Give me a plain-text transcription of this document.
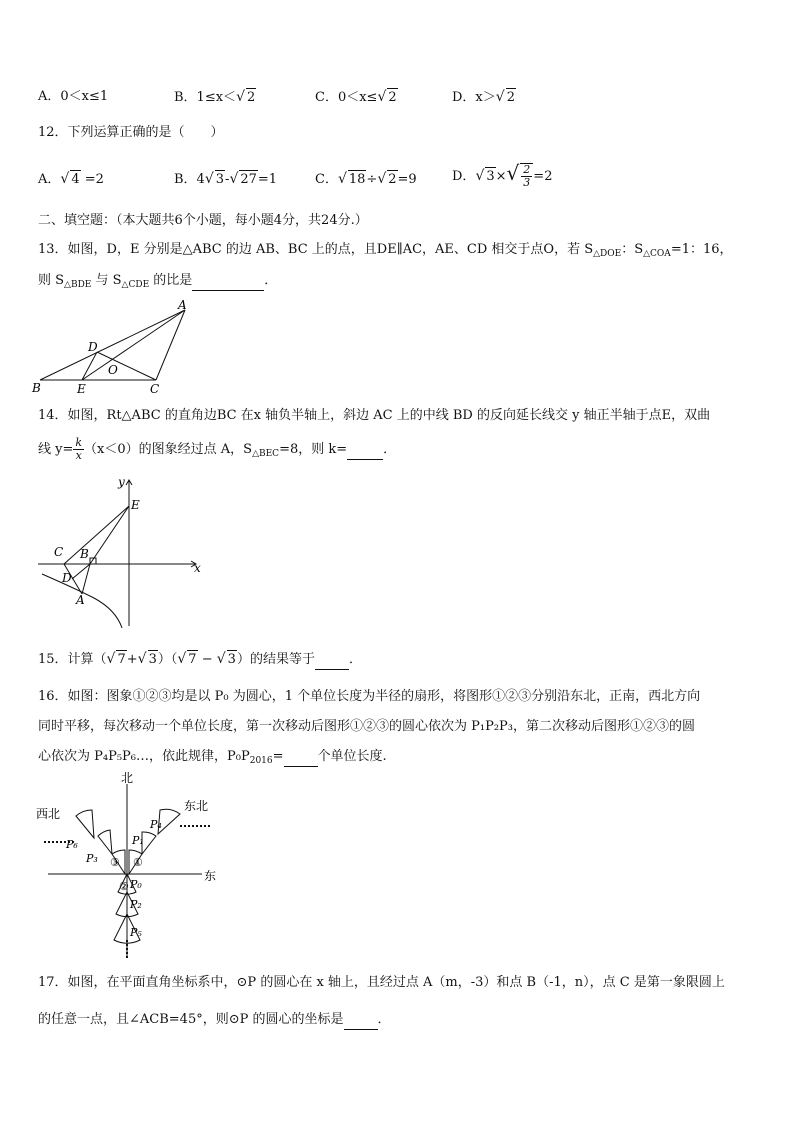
A．0＜x≤1	B．1≤x＜√ 2	C．0＜x≤√ 2	D．x＞√ 2
12．下列运算正确的是（　　）
A．√ 4 =2	B．4√ 3-√ 27=1	C．√ 18÷√ 2=9	D．√ $3\times√ \frac{2}{3} =2$
二、填空题：（本大题共6个小题，每小题4分，共24分.）
13．如图，D，E 分别是△ABC 的边 AB、BC 上的点，且DE∥AC，AE、CD 相交于点O，若 $S_{\triangle DOE}$：$S_{\triangle COA}=1$：16，
则 $S_{\triangle BDE}$ 与 $S_{\triangle CDE}$ 的比是	．
A
B	C
D
E
O
14．如图，Rt△ABC 的直角边BC 在x 轴负半轴上，斜边 AC 上的中线 BD 的反向延长线交 y 轴正半轴于点E，双曲
线 $y= \frac{k}{x} (x<0)$的图象经过点 A，$S_{\triangle BEC}=8$，则 k=	．
y
x
E
C B
D
A
15．计算（√ 7+√ 3）（√ 7 − √ 3）的结果等于	．
16．如图：图象①②③均是以 P₀ 为圆心，1 个单位长度为半径的扇形，将图形①②③分别沿东北，正南，西北方向
同时平移，每次移动一个单位长度，第一次移动后图形①②③的圆心依次为 P₁P₂P₃，第二次移动后图形①②③的圆
心依次为 P₄P₅P₆…，依此规律，$P_0P_{2016}=$	个单位长度.
北
东
东北
西北
P₀
P₁
P₂
P₃
P₄
P₅
P₆
①
②
③
17．如图，在平面直角坐标系中，⊙P 的圆心在 x 轴上，且经过点 A（m，-3）和点 B（-1，n），点 C 是第一象限圆上
的任意一点，且∠ACB=45°，则⊙P 的圆心的坐标是	．
